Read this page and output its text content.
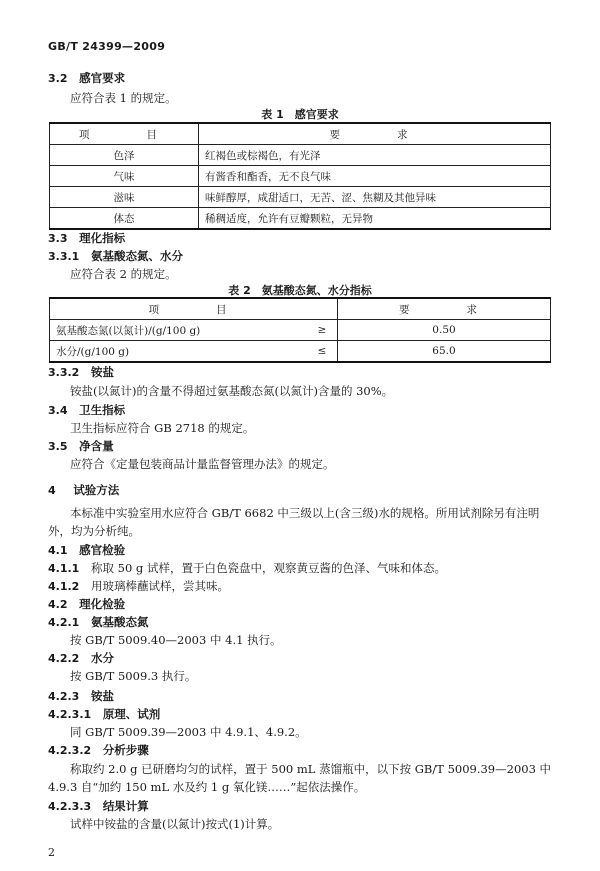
GB/T 24399—2009
3.2 感官要求
应符合表 1 的规定。
表 1　感官要求
项　　目	要　　求
色泽	红褐色或棕褐色，有光泽
气味	有酱香和酯香，无不良气味
滋味	味鲜醇厚，咸甜适口，无苦、涩、焦糊及其他异味
体态	稀稠适度，允许有豆瓣颗粒，无异物
3.3 理化指标
3.3.1 氨基酸态氮、水分
应符合表 2 的规定。
表 2　氨基酸态氮、水分指标
项　　目		要　　求
氨基酸态氮(以氮计)/(g/100 g)	≥	0.50
水分/(g/100 g)	≤	65.0
3.3.2 铵盐
铵盐(以氮计)的含量不得超过氨基酸态氮(以氮计)含量的 30%。
3.4 卫生指标
卫生指标应符合 GB 2718 的规定。
3.5 净含量
应符合《定量包装商品计量监督管理办法》的规定。
4 试验方法
本标准中实验室用水应符合 GB/T 6682 中三级以上(含三级)水的规格。所用试剂除另有注明外，均为分析纯。
4.1 感官检验
4.1.1 称取 50 g 试样，置于白色瓷盘中，观察黄豆酱的色泽、气味和体态。
4.1.2 用玻璃棒蘸试样，尝其味。
4.2 理化检验
4.2.1 氨基酸态氮
按 GB/T 5009.40—2003 中 4.1 执行。
4.2.2 水分
按 GB/T 5009.3 执行。
4.2.3 铵盐
4.2.3.1 原理、试剂
同 GB/T 5009.39—2003 中 4.9.1、4.9.2。
4.2.3.2 分析步骤
称取约 2.0 g 已研磨均匀的试样，置于 500 mL 蒸馏瓶中，以下按 GB/T 5009.39—2003 中 4.9.3 自“加约 150 mL 水及约 1 g 氧化镁……”起依法操作。
4.2.3.3 结果计算
试样中铵盐的含量(以氮计)按式(1)计算。
2
